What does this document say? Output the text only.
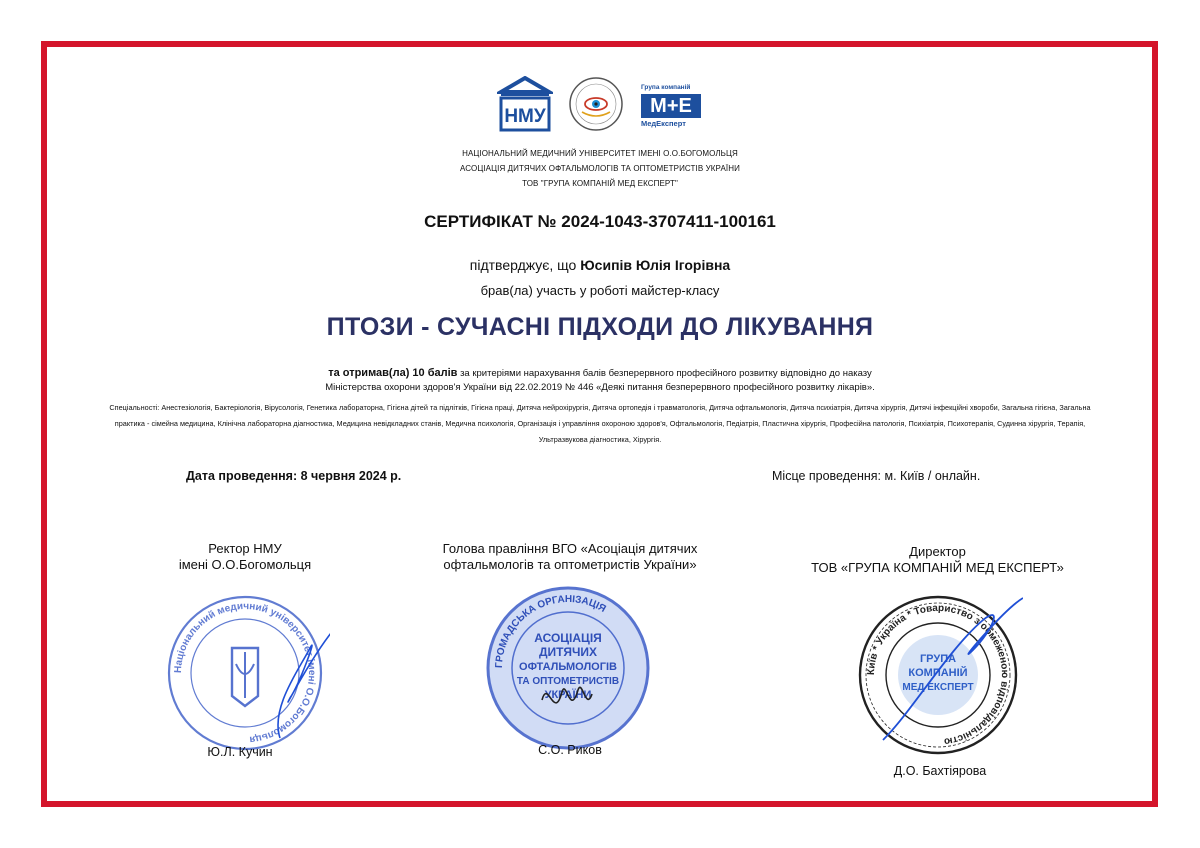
НМУ
Група компаній
М+Е
МедЕксперт
НАЦІОНАЛЬНИЙ МЕДИЧНИЙ УНІВЕРСИТЕТ ІМЕНІ О.О.БОГОМОЛЬЦЯ
АСОЦІАЦІЯ ДИТЯЧИХ ОФТАЛЬМОЛОГІВ ТА ОПТОМЕТРИСТІВ УКРАЇНИ
ТОВ "ГРУПА КОМПАНІЙ МЕД ЕКСПЕРТ"
СЕРТИФІКАТ № 2024-1043-3707411-100161
підтверджує, що Юсипів Юлія Ігорівна
брав(ла) участь у роботі майстер-класу
ПТОЗИ - СУЧАСНІ ПІДХОДИ ДО ЛІКУВАННЯ
та отримав(ла) 10 балів за критеріями нарахування балів безперервного професійного розвитку відповідно до наказу
Міністерства охорони здоров'я України від 22.02.2019 № 446 «Деякі питання безперервного професійного розвитку лікарів».
Спеціальності: Анестезіологія, Бактеріологія, Вірусологія, Генетика лабораторна, Гігієна дітей та підлітків, Гігієна праці, Дитяча нейрохірургія, Дитяча ортопедія і травматологія, Дитяча офтальмологія, Дитяча психіатрія, Дитяча хірургія, Дитячі інфекційні хвороби, Загальна гігієна, Загальна практика - сімейна медицина, Клінічна лабораторна діагностика, Медицина невідкладних станів, Медична психологія, Організація і управління охороною здоров'я, Офтальмологія, Педіатрія, Пластична хірургія, Професійна патологія, Психіатрія, Психотерапія, Судинна хірургія, Терапія, Ультразвукова діагностика, Хірургія.
Дата проведення: 8 червня 2024 р.	Місце проведення: м. Київ / онлайн.
Ректор НМУ
імені О.О.Богомольця
Національний медичний університет імені О.О.Богомольця
Ю.Л. Кучин
Голова правління ВГО «Асоціація дитячих
офтальмологів та оптометристів України»
ГРОМАДСЬКА ОРГАНІЗАЦІЯ
АСОЦІАЦІЯ
ДИТЯЧИХ
ОФТАЛЬМОЛОГІВ
ТА ОПТОМЕТРИСТІВ
УКРАЇНИ
С.О. Риков
Директор
ТОВ «ГРУПА КОМПАНІЙ МЕД ЕКСПЕРТ»
Київ * Україна * Товариство з обмеженою відповідальністю
ГРУПА
КОМПАНІЙ
МЕД ЕКСПЕРТ
Д.О. Бахтіярова
